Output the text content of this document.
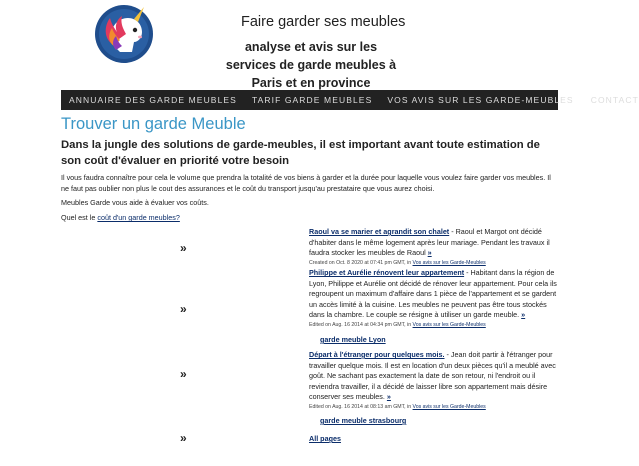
Faire garder ses meubles
analyse et avis sur les services de garde meubles à Paris et en province
ANNUAIRE DES GARDE MEUBLES TARIF GARDE MEUBLES VOS AVIS SUR LES GARDE-MEUBLES CONTACT
Trouver un garde Meuble
Dans la jungle des solutions de garde-meubles, il est important avant toute estimation de son coût d'évaluer en priorité votre besoin
Il vous faudra connaître pour cela le volume que prendra la totalité de vos biens à garder et la durée pour laquelle vous voulez faire garder vos meubles. Il ne faut pas oublier non plus le cout des assurances et le coût du transport jusqu'au prestataire que vous aurez choisi.
Meubles Garde vous aide à évaluer vos coûts.
Quel est le coût d'un garde meubles?
»
»
»
»
Raoul va se marier et agrandit son chalet - Raoul et Margot ont décidé d'habiter dans le même logement après leur mariage. Pendant les travaux il faudra stocker les meubles de Raoul »
Created on Oct. 8 2020 at 07:41 pm GMT, in Vos avis sur les Garde-Meubles
Philippe et Aurélie rénovent leur appartement - Habitant dans la région de Lyon, Philippe et Aurélie ont décidé de rénover leur appartement. Pour cela ils regroupent un maximum d'affaire dans 1 pièce de l'appartement et se gardent un accès limité à la cuisine. Les meubles ne peuvent pas être tous stockés dans la chambre. Le couple se résigne à utiliser un garde meuble. »
Edited on Aug. 16 2014 at 04:34 pm GMT, in Vos avis sur les Garde-Meubles
garde meuble Lyon
Départ à l'étranger pour quelques mois. - Jean doit partir à l'étranger pour travailler quelque mois. Il est en location d'un deux pièces qu'il a meublé avec goût. Ne sachant pas exactement la date de son retour, ni l'endroit ou il reviendra travailler, il a décidé de laisser libre son appartement mais désire conserver ses meubles. »
Edited on Aug. 16 2014 at 08:13 am GMT, in Vos avis sur les Garde-Meubles
garde meuble strasbourg
All pages
